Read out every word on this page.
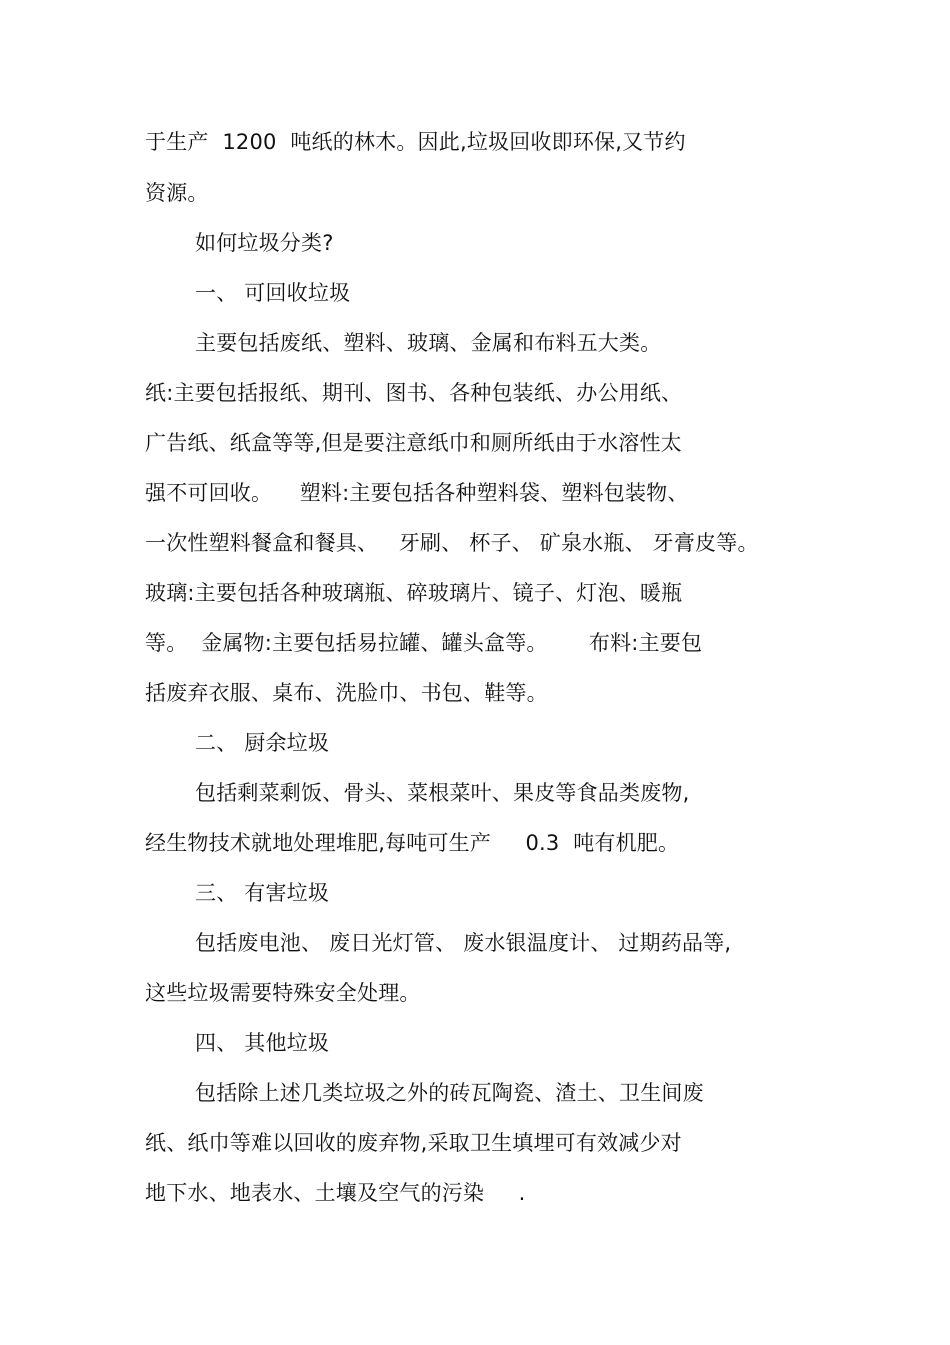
于生产  1200  吨纸的林木。因此,垃圾回收即环保,又节约
资源。
如何垃圾分类?
一、 可回收垃圾
主要包括废纸、塑料、玻璃、金属和布料五大类。
纸:主要包括报纸、期刊、图书、各种包装纸、办公用纸、
广告纸、纸盒等等,但是要注意纸巾和厕所纸由于水溶性太
强不可回收。    塑料:主要包括各种塑料袋、塑料包装物、
一次性塑料餐盒和餐具、   牙刷、 杯子、 矿泉水瓶、 牙膏皮等。
玻璃:主要包括各种玻璃瓶、碎玻璃片、镜子、灯泡、暖瓶
等。  金属物:主要包括易拉罐、罐头盒等。      布料:主要包
括废弃衣服、桌布、洗脸巾、书包、鞋等。
二、 厨余垃圾
包括剩菜剩饭、骨头、菜根菜叶、果皮等食品类废物,
经生物技术就地处理堆肥,每吨可生产     0.3  吨有机肥。
三、 有害垃圾
包括废电池、 废日光灯管、 废水银温度计、 过期药品等,
这些垃圾需要特殊安全处理。
四、 其他垃圾
包括除上述几类垃圾之外的砖瓦陶瓷、渣土、卫生间废
纸、纸巾等难以回收的废弃物,采取卫生填埋可有效减少对
地下水、地表水、土壤及空气的污染     .
